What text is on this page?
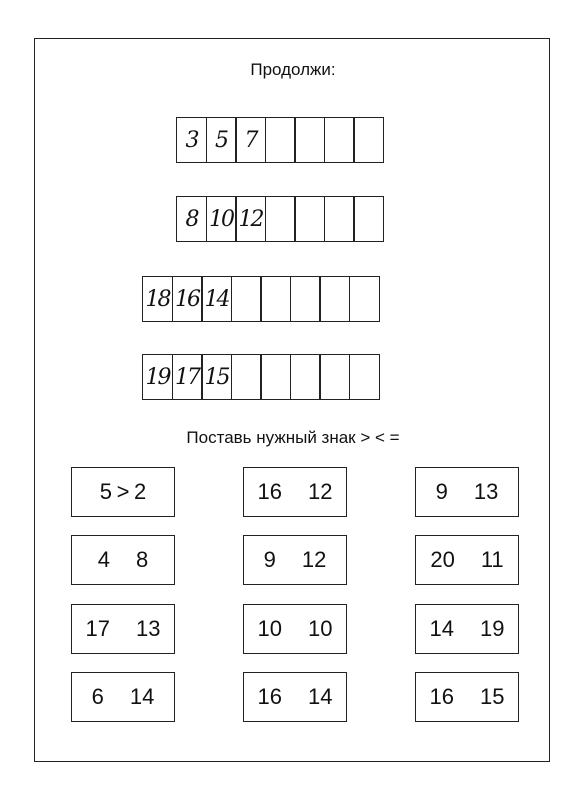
Продолжи:
3 5 7
8 10 12
18 16 14
19 17 15
Поставь нужный знак > < =
5 > 2	16 12	9 13
4 8	9 12	20 11
17 13	10 10	14 19
6 14	16 14	16 15
